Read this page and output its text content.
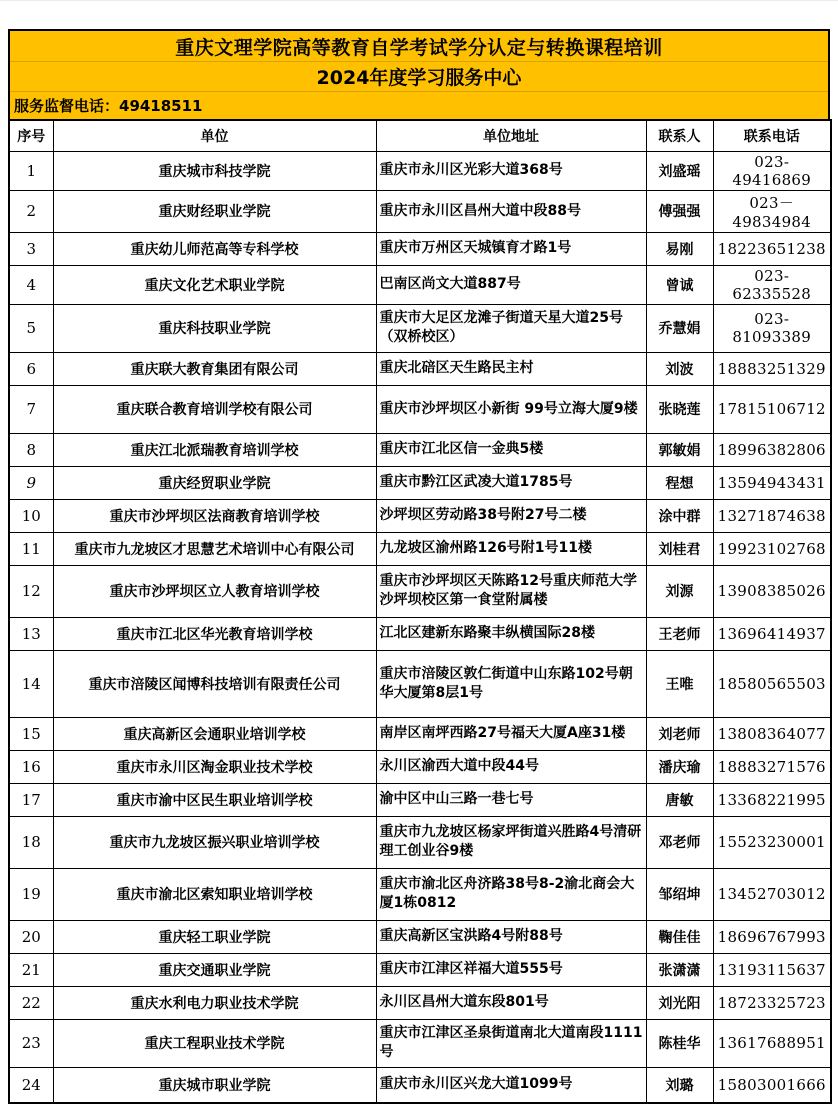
重庆文理学院高等教育自学考试学分认定与转换课程培训
2024年度学习服务中心
服务监督电话：49418511
序号	单位	单位地址	联系人	联系电话
1	重庆城市科技学院	重庆市永川区光彩大道368号	刘盛瑶	023-49416869
2	重庆财经职业学院	重庆市永川区昌州大道中段88号	傅强强	023－49834984
3	重庆幼儿师范高等专科学校	重庆市万州区天城镇育才路1号	易刚	18223651238
4	重庆文化艺术职业学院	巴南区尚文大道887号	曾诚	023-62335528
5	重庆科技职业学院	重庆市大足区龙滩子街道天星大道25号（双桥校区）	乔慧娟	023-81093389
6	重庆联大教育集团有限公司	重庆北碚区天生路民主村	刘波	18883251329
7	重庆联合教育培训学校有限公司	重庆市沙坪坝区小新街 99号立海大厦9楼	张晓莲	17815106712
8	重庆江北派瑞教育培训学校	重庆市江北区信一金典5楼	郭敏娟	18996382806
9	重庆经贸职业学院	重庆市黔江区武凌大道1785号	程想	13594943431
10	重庆市沙坪坝区法商教育培训学校	沙坪坝区劳动路38号附27号二楼	涂中群	13271874638
11	重庆市九龙坡区才思慧艺术培训中心有限公司	九龙坡区渝州路126号附1号11楼	刘桂君	19923102768
12	重庆市沙坪坝区立人教育培训学校	重庆市沙坪坝区天陈路12号重庆师范大学沙坪坝校区第一食堂附属楼	刘源	13908385026
13	重庆市江北区华光教育培训学校	江北区建新东路聚丰纵横国际28楼	王老师	13696414937
14	重庆市涪陵区闻博科技培训有限责任公司	重庆市涪陵区敦仁街道中山东路102号朝华大厦第8层1号	王唯	18580565503
15	重庆高新区会通职业培训学校	南岸区南坪西路27号福天大厦A座31楼	刘老师	13808364077
16	重庆市永川区淘金职业技术学校	永川区渝西大道中段44号	潘庆瑜	18883271576
17	重庆市渝中区民生职业培训学校	渝中区中山三路一巷七号	唐敏	13368221995
18	重庆市九龙坡区振兴职业培训学校	重庆市九龙坡区杨家坪街道兴胜路4号清研理工创业谷9楼	邓老师	15523230001
19	重庆市渝北区索知职业培训学校	重庆市渝北区舟济路38号8-2渝北商会大厦1栋0812	邹绍坤	13452703012
20	重庆轻工职业学院	重庆高新区宝洪路4号附88号	鞠佳佳	18696767993
21	重庆交通职业学院	重庆市江津区祥福大道555号	张潇潇	13193115637
22	重庆水利电力职业技术学院	永川区昌州大道东段801号	刘光阳	18723325723
23	重庆工程职业技术学院	重庆市江津区圣泉街道南北大道南段1111号	陈桂华	13617688951
24	重庆城市职业学院	重庆市永川区兴龙大道1099号	刘璐	15803001666
